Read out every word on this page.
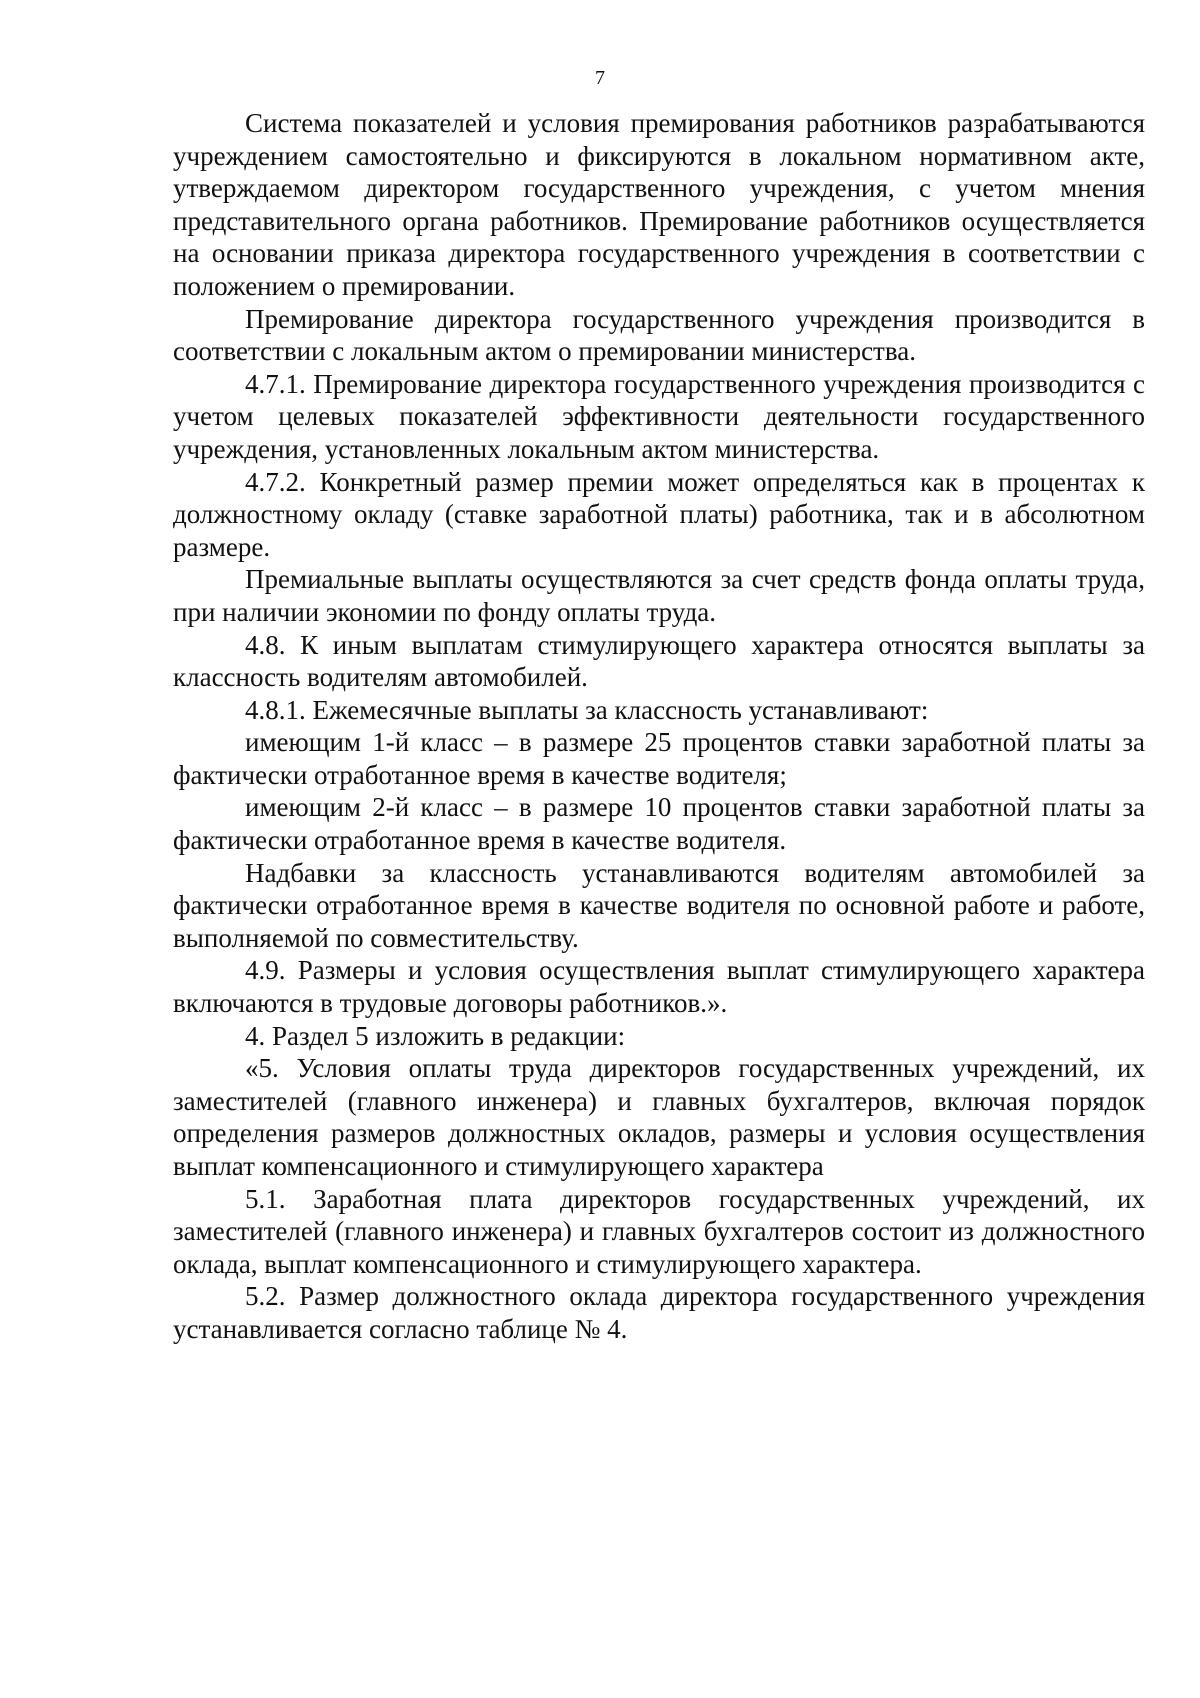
7

Система показателей и условия премирования работников разрабатываются учреждением самостоятельно и фиксируются в локальном нормативном акте, утверждаемом директором государственного учреждения, с учетом мнения представительного органа работников. Премирование работников осуществляется на основании приказа директора государственного учреждения в соответствии с положением о премировании.

Премирование директора государственного учреждения производится в соответствии с локальным актом о премировании министерства.

4.7.1. Премирование директора государственного учреждения производится с учетом целевых показателей эффективности деятельности государственного учреждения, установленных локальным актом министерства.

4.7.2. Конкретный размер премии может определяться как в процентах к должностному окладу (ставке заработной платы) работника, так и в абсолютном размере.

Премиальные выплаты осуществляются за счет средств фонда оплаты труда, при наличии экономии по фонду оплаты труда.

4.8. К иным выплатам стимулирующего характера относятся выплаты за классность водителям автомобилей.

4.8.1. Ежемесячные выплаты за классность устанавливают:

имеющим 1-й класс – в размере 25 процентов ставки заработной платы за фактически отработанное время в качестве водителя;

имеющим 2-й класс – в размере 10 процентов ставки заработной платы за фактически отработанное время в качестве водителя.

Надбавки за классность устанавливаются водителям автомобилей за фактически отработанное время в качестве водителя по основной работе и работе, выполняемой по совместительству.

4.9. Размеры и условия осуществления выплат стимулирующего характера включаются в трудовые договоры работников.».

4. Раздел 5 изложить в редакции:

«5. Условия оплаты труда директоров государственных учреждений, их заместителей (главного инженера) и главных бухгалтеров, включая порядок определения размеров должностных окладов, размеры и условия осуществления выплат компенсационного и стимулирующего характера

5.1. Заработная плата директоров государственных учреждений, их заместителей (главного инженера) и главных бухгалтеров состоит из должностного оклада, выплат компенсационного и стимулирующего характера.

5.2. Размер должностного оклада директора государственного учреждения устанавливается согласно таблице № 4.
